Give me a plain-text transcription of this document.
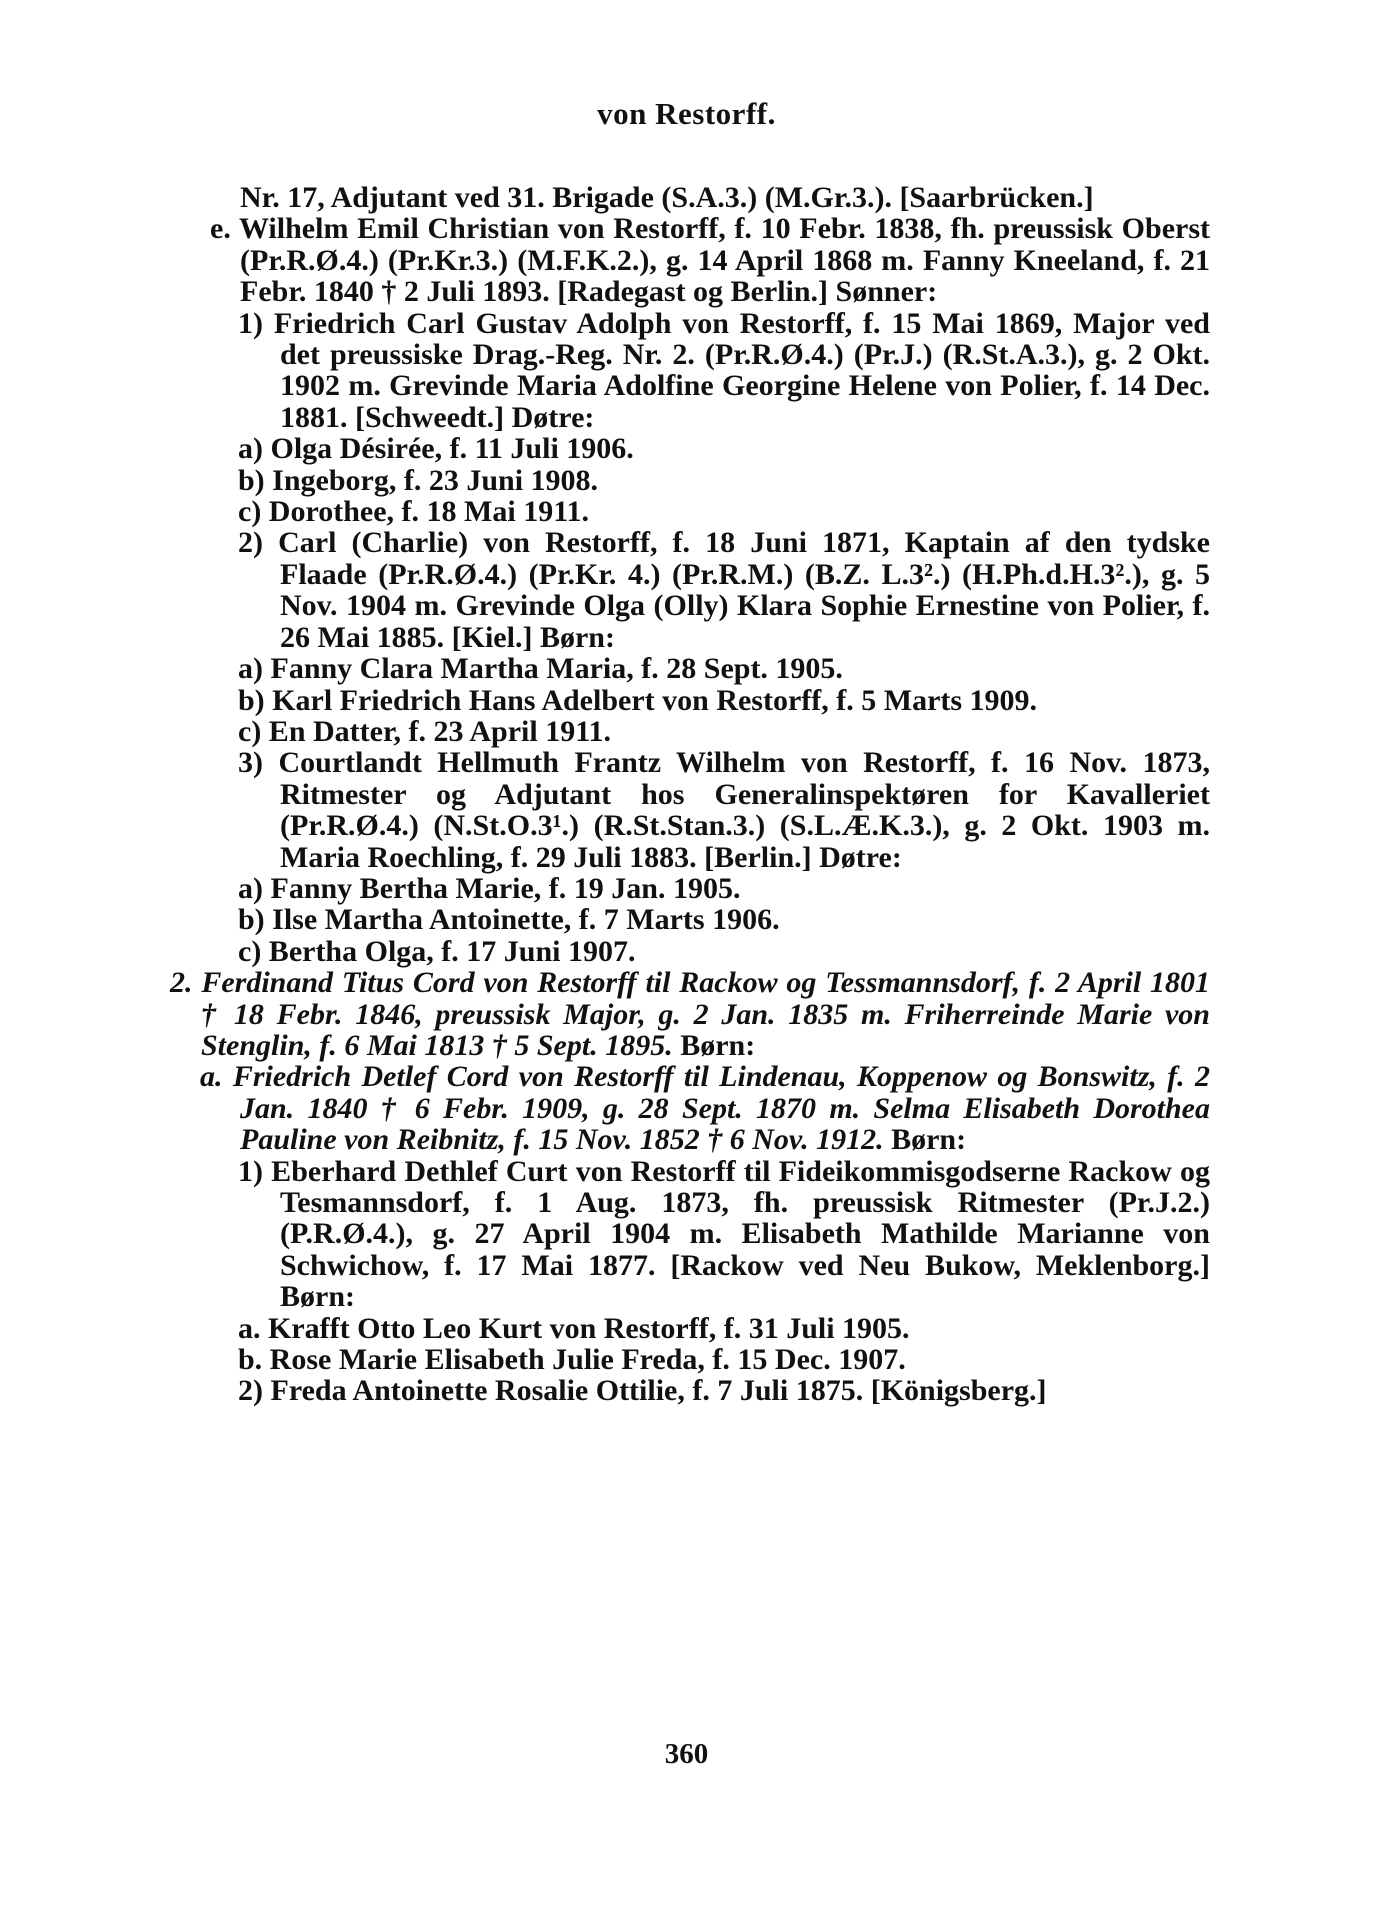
von Restorff.

Nr. 17, Adjutant ved 31. Brigade (S.A.3.) (M.Gr.3.). [Saarbrücken.]

e. Wilhelm Emil Christian von Restorff, f. 10 Febr. 1838, fh. preussisk Oberst (Pr.R.Ø.4.) (Pr.Kr.3.) (M.F.K.2.), g. 14 April 1868 m. Fanny Kneeland, f. 21 Febr. 1840 † 2 Juli 1893. [Radegast og Berlin.] Sønner:

1) Friedrich Carl Gustav Adolph von Restorff, f. 15 Mai 1869, Major ved det preussiske Drag.-Reg. Nr. 2. (Pr.R.Ø.4.) (Pr.J.) (R.St.A.3.), g. 2 Okt. 1902 m. Grevinde Maria Adolfine Georgine Helene von Polier, f. 14 Dec. 1881. [Schweedt.] Døtre:

a) Olga Désirée, f. 11 Juli 1906.

b) Ingeborg, f. 23 Juni 1908.

c) Dorothee, f. 18 Mai 1911.

2) Carl (Charlie) von Restorff, f. 18 Juni 1871, Kaptain af den tydske Flaade (Pr.R.Ø.4.) (Pr.Kr. 4.) (Pr.R.M.) (B.Z. L.3².) (H.Ph.d.H.3².), g. 5 Nov. 1904 m. Grevinde Olga (Olly) Klara Sophie Ernestine von Polier, f. 26 Mai 1885. [Kiel.] Børn:

a) Fanny Clara Martha Maria, f. 28 Sept. 1905.

b) Karl Friedrich Hans Adelbert von Restorff, f. 5 Marts 1909.

c) En Datter, f. 23 April 1911.

3) Courtlandt Hellmuth Frantz Wilhelm von Restorff, f. 16 Nov. 1873, Ritmester og Adjutant hos Generalinspektøren for Kavalleriet (Pr.R.Ø.4.) (N.St.O.3¹.) (R.St.Stan.3.) (S.L.Æ.K.3.), g. 2 Okt. 1903 m. Maria Roechling, f. 29 Juli 1883. [Berlin.] Døtre:

a) Fanny Bertha Marie, f. 19 Jan. 1905.

b) Ilse Martha Antoinette, f. 7 Marts 1906.

c) Bertha Olga, f. 17 Juni 1907.

2. Ferdinand Titus Cord von Restorff til Rackow og Tessmannsdorf, f. 2 April 1801 † 18 Febr. 1846, preussisk Major, g. 2 Jan. 1835 m. Friherreinde Marie von Stenglin, f. 6 Mai 1813 † 5 Sept. 1895. Børn:

a. Friedrich Detlef Cord von Restorff til Lindenau, Koppenow og Bonswitz, f. 2 Jan. 1840 † 6 Febr. 1909, g. 28 Sept. 1870 m. Selma Elisabeth Dorothea Pauline von Reibnitz, f. 15 Nov. 1852 † 6 Nov. 1912. Børn:

1) Eberhard Dethlef Curt von Restorff til Fideikommisgodserne Rackow og Tesmannsdorf, f. 1 Aug. 1873, fh. preussisk Ritmester (Pr.J.2.) (P.R.Ø.4.), g. 27 April 1904 m. Elisabeth Mathilde Marianne von Schwichow, f. 17 Mai 1877. [Rackow ved Neu Bukow, Meklenborg.] Børn:

a. Krafft Otto Leo Kurt von Restorff, f. 31 Juli 1905.

b. Rose Marie Elisabeth Julie Freda, f. 15 Dec. 1907.

2) Freda Antoinette Rosalie Ottilie, f. 7 Juli 1875. [Königsberg.]

360
